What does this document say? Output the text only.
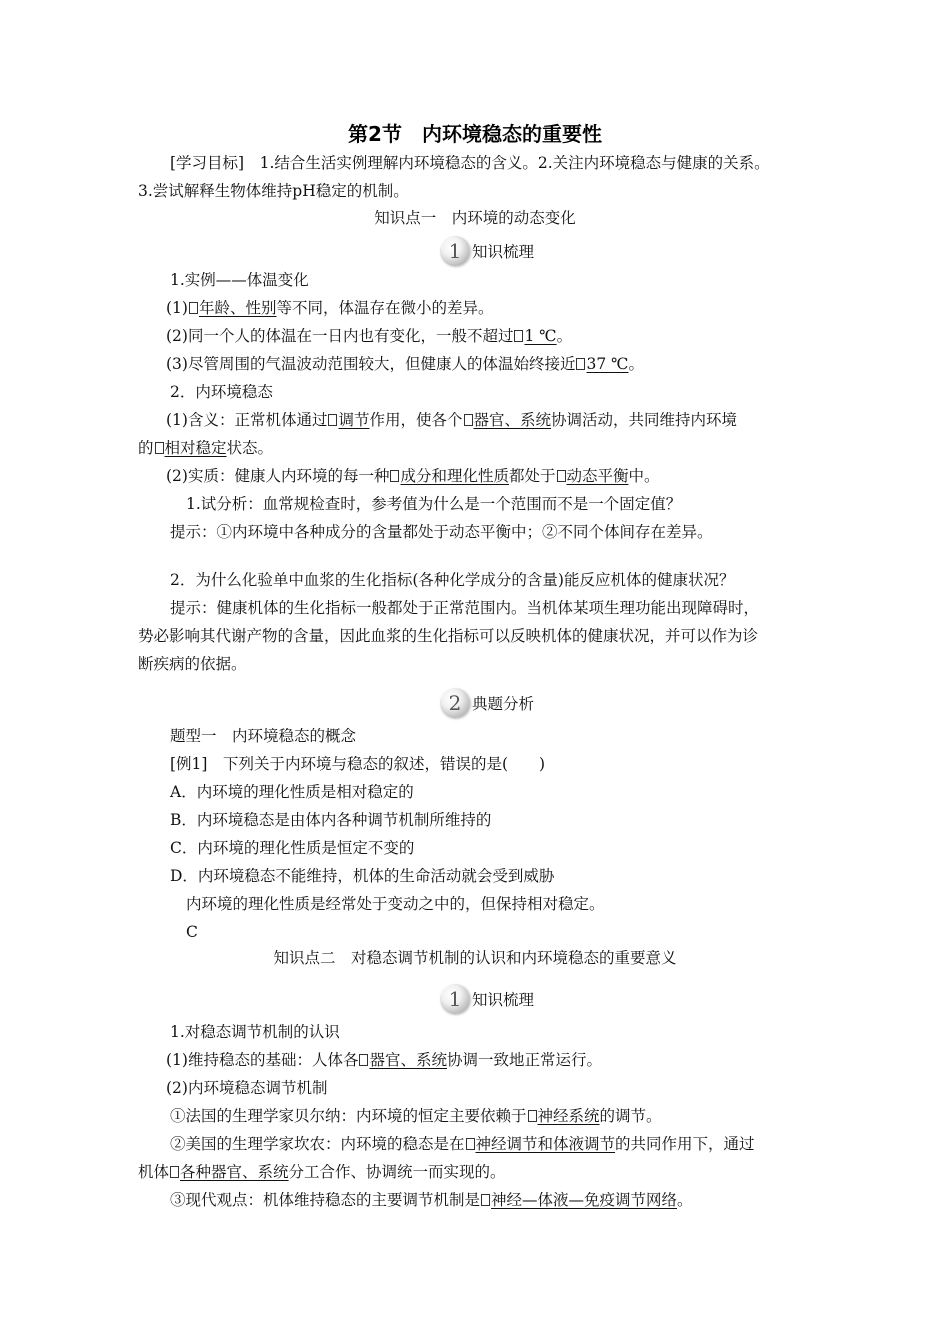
第2节　内环境稳态的重要性
[学习目标]　1.结合生活实例理解内环境稳态的含义。2.关注内环境稳态与健康的关系。
3.尝试解释生物体维持pH稳定的机制。
知识点一　内环境的动态变化
1 知识梳理
1.实例——体温变化
(1) 年龄、性别等不同，体温存在微小的差异。
(2)同一个人的体温在一日内也有变化，一般不超过 1 ℃。
(3)尽管周围的气温波动范围较大，但健康人的体温始终接近 37 ℃。
2．内环境稳态
(1)含义：正常机体通过 调节作用，使各个 器官、系统协调活动，共同维持内环境
的 相对稳定状态。
(2)实质：健康人内环境的每一种 成分和理化性质都处于 动态平衡中。
1.试分析：血常规检查时，参考值为什么是一个范围而不是一个固定值？
提示：①内环境中各种成分的含量都处于动态平衡中；②不同个体间存在差异。
2．为什么化验单中血浆的生化指标(各种化学成分的含量)能反应机体的健康状况？
提示：健康机体的生化指标一般都处于正常范围内。当机体某项生理功能出现障碍时，
势必影响其代谢产物的含量，因此血浆的生化指标可以反映机体的健康状况，并可以作为诊
断疾病的依据。
2 典题分析
题型一　内环境稳态的概念
[例1]　下列关于内环境与稳态的叙述，错误的是(　　)
A．内环境的理化性质是相对稳定的
B．内环境稳态是由体内各种调节机制所维持的
C．内环境的理化性质是恒定不变的
D．内环境稳态不能维持，机体的生命活动就会受到威胁
内环境的理化性质是经常处于变动之中的，但保持相对稳定。
C
知识点二　对稳态调节机制的认识和内环境稳态的重要意义
1 知识梳理
1.对稳态调节机制的认识
(1)维持稳态的基础：人体各 器官、系统协调一致地正常运行。
(2)内环境稳态调节机制
①法国的生理学家贝尔纳：内环境的恒定主要依赖于 神经系统的调节。
②美国的生理学家坎农：内环境的稳态是在 神经调节和体液调节的共同作用下，通过
机体 各种器官、系统分工合作、协调统一而实现的。
③现代观点：机体维持稳态的主要调节机制是 神经—体液—免疫调节网络。
